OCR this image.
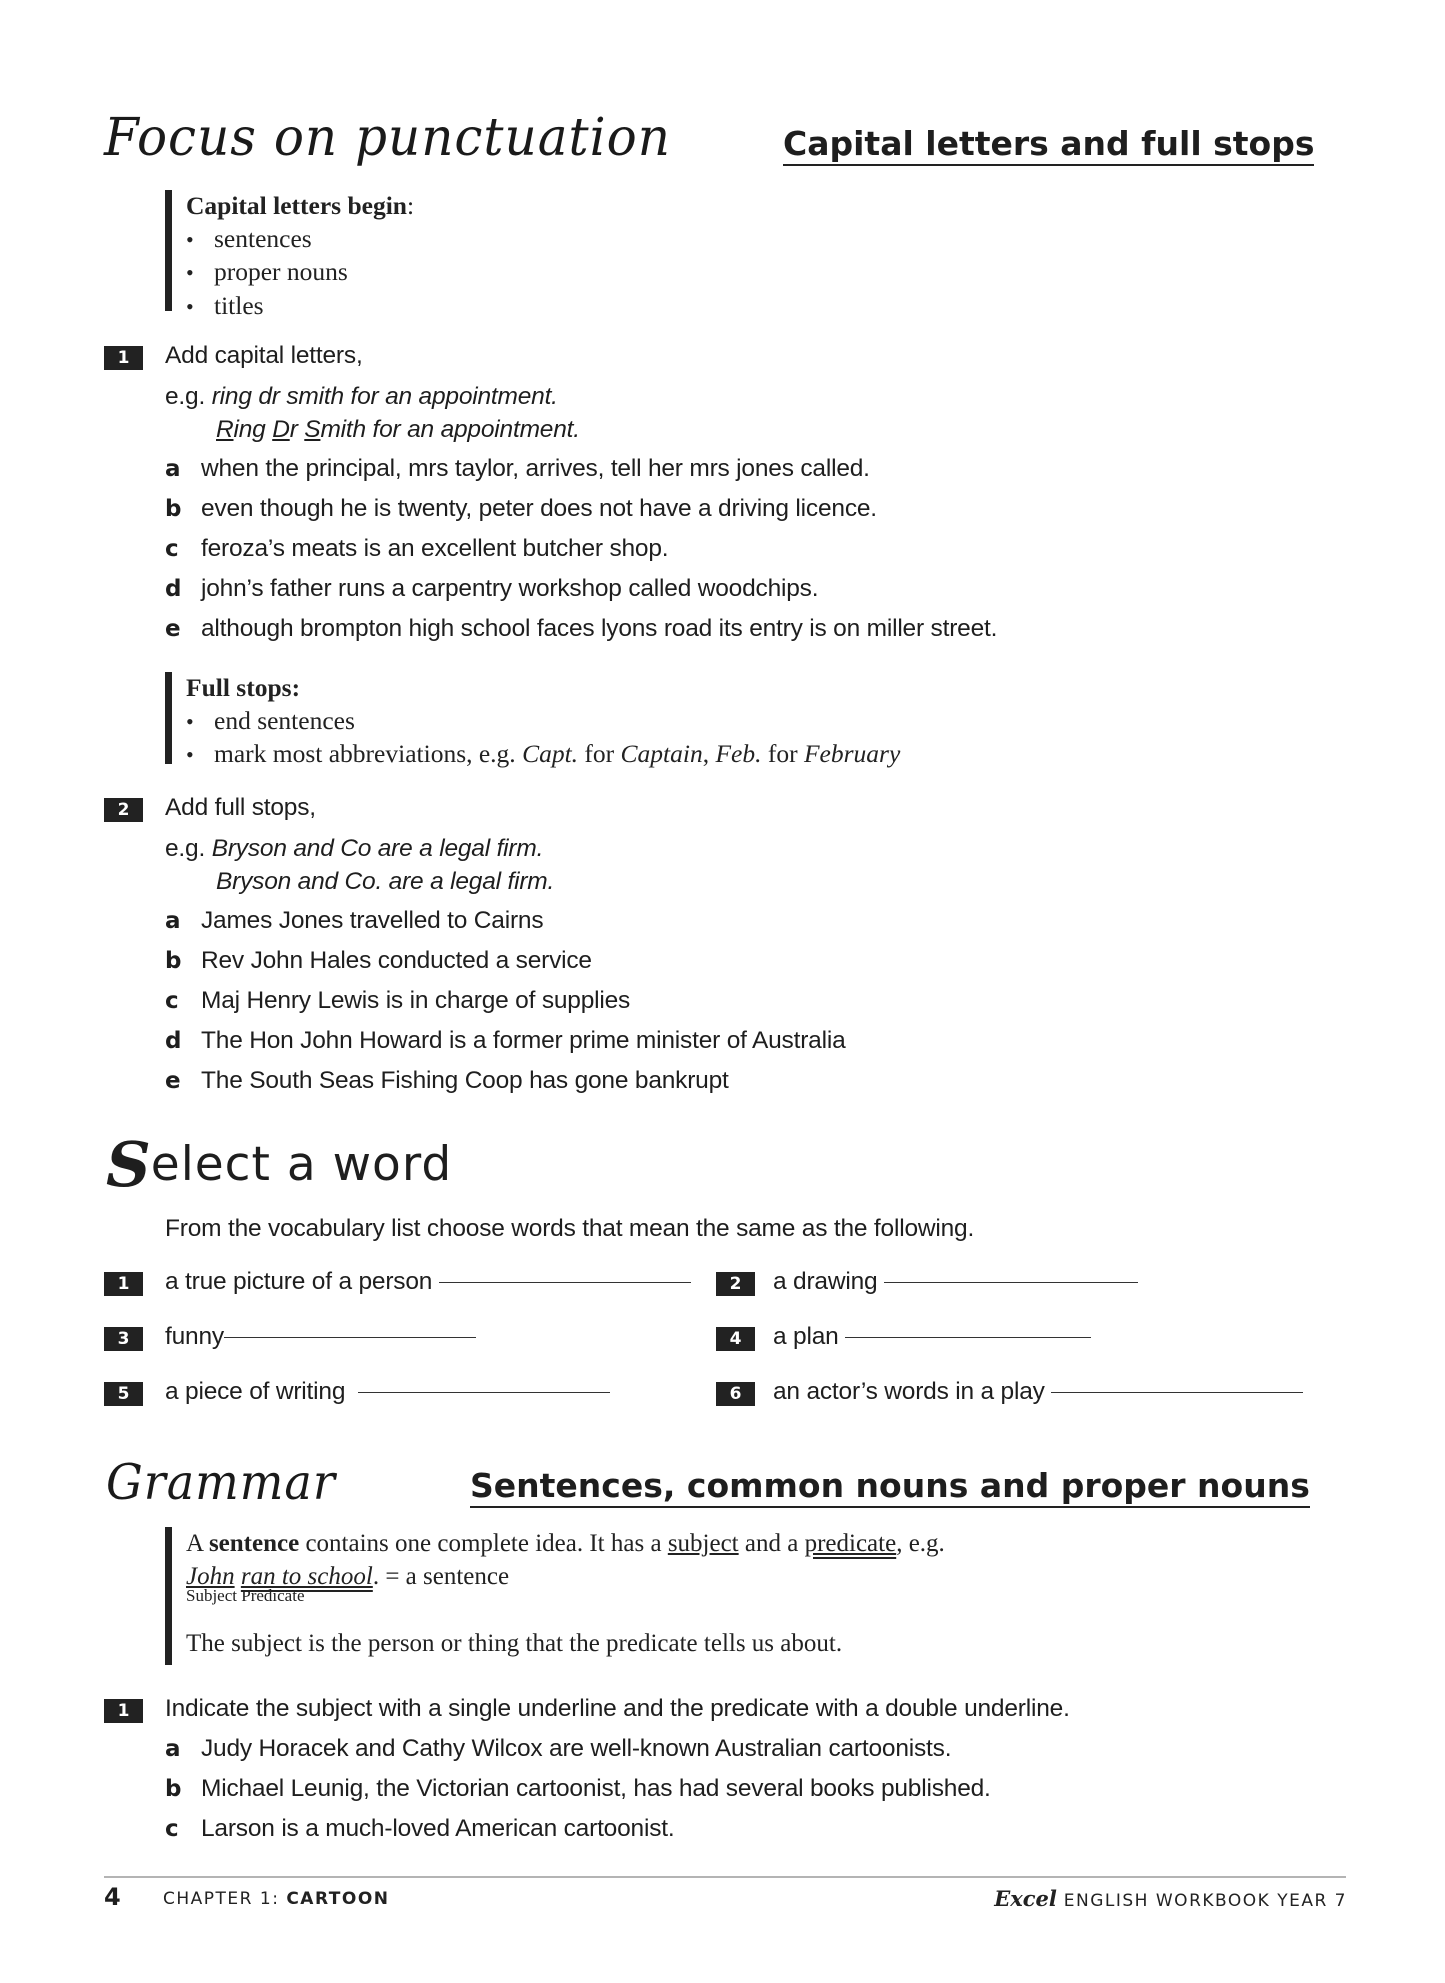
Focus on punctuation	Capital letters and full stops
Capital letters begin:
• sentences
• proper nouns
• titles
1	Add capital letters,
e.g. ring dr smith for an appointment.
Ring Dr Smith for an appointment.
a when the principal, mrs taylor, arrives, tell her mrs jones called.
b even though he is twenty, peter does not have a driving licence.
c feroza’s meats is an excellent butcher shop.
d john’s father runs a carpentry workshop called woodchips.
e although brompton high school faces lyons road its entry is on miller street.
Full stops:
• end sentences
• mark most abbreviations, e.g. Capt. for Captain, Feb. for February
2	Add full stops,
e.g. Bryson and Co are a legal firm.
Bryson and Co. are a legal firm.
a James Jones travelled to Cairns
b Rev John Hales conducted a service
c Maj Henry Lewis is in charge of supplies
d The Hon John Howard is a former prime minister of Australia
e The South Seas Fishing Coop has gone bankrupt
Select a word
From the vocabulary list choose words that mean the same as the following.
1	a true picture of a person	2	a drawing
3	funny	4	a plan
5	a piece of writing	6	an actor’s words in a play
Grammar	Sentences, common nouns and proper nouns
A sentence contains one complete idea. It has a subject and a predicate, e.g.
John ran to school. = a sentence
Subject Predicate
The subject is the person or thing that the predicate tells us about.
1	Indicate the subject with a single underline and the predicate with a double underline.
a Judy Horacek and Cathy Wilcox are well-known Australian cartoonists.
b Michael Leunig, the Victorian cartoonist, has had several books published.
c Larson is a much-loved American cartoonist.
4 CHAPTER 1: CARTOON	Excel ENGLISH WORKBOOK YEAR 7
